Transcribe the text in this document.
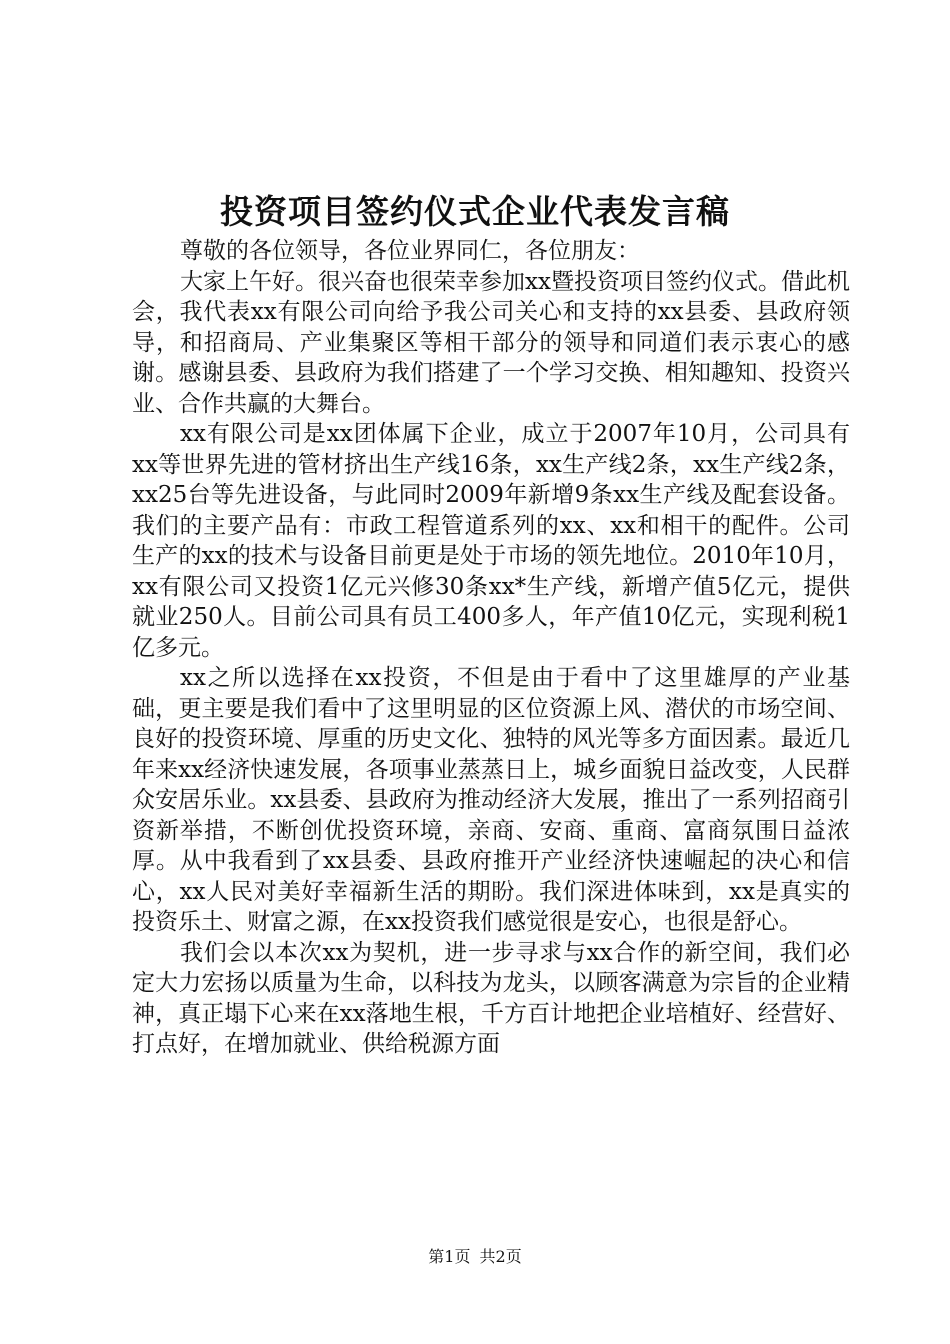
投资项目签约仪式企业代表发言稿

尊敬的各位领导，各位业界同仁，各位朋友：

大家上午好。很兴奋也很荣幸参加xx暨投资项目签约仪式。借此机会，我代表xx有限公司向给予我公司关心和支持的xx县委、县政府领导，和招商局、产业集聚区等相干部分的领导和同道们表示衷心的感谢。感谢县委、县政府为我们搭建了一个学习交换、相知趣知、投资兴业、合作共赢的大舞台。

xx有限公司是xx团体属下企业，成立于2007年10月，公司具有xx等世界先进的管材挤出生产线16条，xx生产线2条，xx生产线2条，xx25台等先进设备，与此同时2009年新增9条xx生产线及配套设备。我们的主要产品有：市政工程管道系列的xx、xx和相干的配件。公司生产的xx的技术与设备目前更是处于市场的领先地位。2010年10月，xx有限公司又投资1亿元兴修30条xx*生产线，新增产值5亿元，提供就业250人。目前公司具有员工400多人，年产值10亿元，实现利税1亿多元。

xx之所以选择在xx投资，不但是由于看中了这里雄厚的产业基础，更主要是我们看中了这里明显的区位资源上风、潜伏的市场空间、良好的投资环境、厚重的历史文化、独特的风光等多方面因素。最近几年来xx经济快速发展，各项事业蒸蒸日上，城乡面貌日益改变，人民群众安居乐业。xx县委、县政府为推动经济大发展，推出了一系列招商引资新举措，不断创优投资环境，亲商、安商、重商、富商氛围日益浓厚。从中我看到了xx县委、县政府推开产业经济快速崛起的决心和信心，xx人民对美好幸福新生活的期盼。我们深进体味到，xx是真实的投资乐土、财富之源，在xx投资我们感觉很是安心，也很是舒心。

我们会以本次xx为契机，进一步寻求与xx合作的新空间，我们必定大力宏扬以质量为生命，以科技为龙头，以顾客满意为宗旨的企业精神，真正塌下心来在xx落地生根，千方百计地把企业培植好、经营好、打点好，在增加就业、供给税源方面

第1页 共2页
